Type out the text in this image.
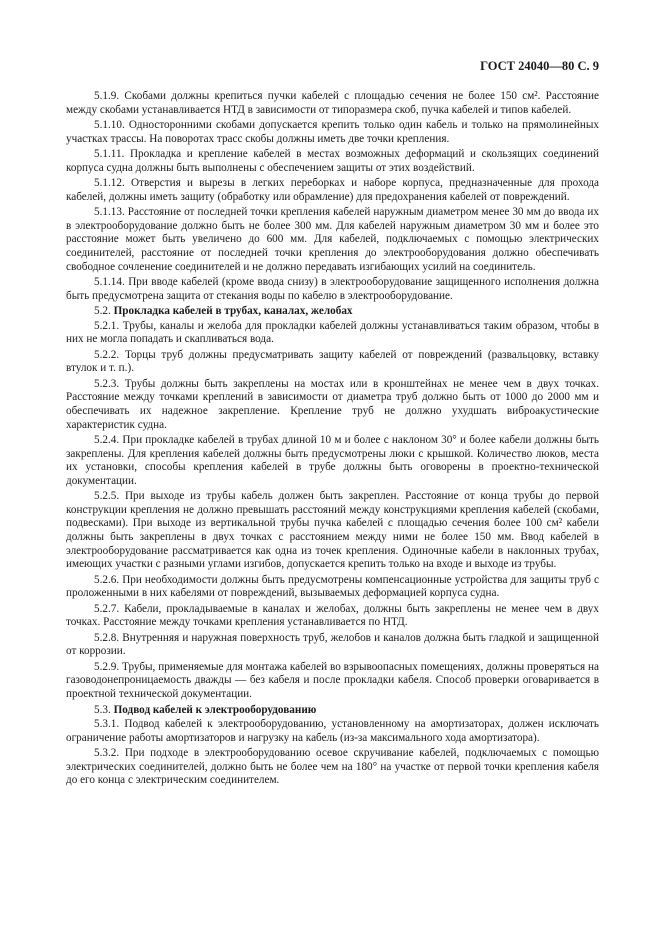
ГОСТ 24040—80 С. 9
5.1.9. Скобами должны крепиться пучки кабелей с площадью сечения не более 150 см². Расстояние между скобами устанавливается НТД в зависимости от типоразмера скоб, пучка кабелей и типов кабелей.
5.1.10. Односторонними скобами допускается крепить только один кабель и только на прямолинейных участках трассы. На поворотах трасс скобы должны иметь две точки крепления.
5.1.11. Прокладка и крепление кабелей в местах возможных деформаций и скользящих соединений корпуса судна должны быть выполнены с обеспечением защиты от этих воздействий.
5.1.12. Отверстия и вырезы в легких переборках и наборе корпуса, предназначенные для прохода кабелей, должны иметь защиту (обработку или обрамление) для предохранения кабелей от повреждений.
5.1.13. Расстояние от последней точки крепления кабелей наружным диаметром менее 30 мм до ввода их в электрооборудование должно быть не более 300 мм. Для кабелей наружным диаметром 30 мм и более это расстояние может быть увеличено до 600 мм. Для кабелей, подключаемых с помощью электрических соединителей, расстояние от последней точки крепления до электрооборудования должно обеспечивать свободное сочленение соединителей и не должно передавать изгибающих усилий на соединитель.
5.1.14. При вводе кабелей (кроме ввода снизу) в электрооборудование защищенного исполнения должна быть предусмотрена защита от стекания воды по кабелю в электрооборудование.
5.2. Прокладка кабелей в трубах, каналах, желобах
5.2.1. Трубы, каналы и желоба для прокладки кабелей должны устанавливаться таким образом, чтобы в них не могла попадать и скапливаться вода.
5.2.2. Торцы труб должны предусматривать защиту кабелей от повреждений (развальцовку, вставку втулок и т. п.).
5.2.3. Трубы должны быть закреплены на мостах или в кронштейнах не менее чем в двух точках. Расстояние между точками креплений в зависимости от диаметра труб должно быть от 1000 до 2000 мм и обеспечивать их надежное закрепление. Крепление труб не должно ухудшать виброакустические характеристик судна.
5.2.4. При прокладке кабелей в трубах длиной 10 м и более с наклоном 30° и более кабели должны быть закреплены. Для крепления кабелей должны быть предусмотрены люки с крышкой. Количество люков, места их установки, способы крепления кабелей в трубе должны быть оговорены в проектно-технической документации.
5.2.5. При выходе из трубы кабель должен быть закреплен. Расстояние от конца трубы до первой конструкции крепления не должно превышать расстояний между конструкциями крепления кабелей (скобами, подвесками). При выходе из вертикальной трубы пучка кабелей с площадью сечения более 100 см² кабели должны быть закреплены в двух точках с расстоянием между ними не более 150 мм. Ввод кабелей в электрооборудование рассматривается как одна из точек крепления. Одиночные кабели в наклонных трубах, имеющих участки с разными углами изгибов, допускается крепить только на входе и выходе из трубы.
5.2.6. При необходимости должны быть предусмотрены компенсационные устройства для защиты труб с проложенными в них кабелями от повреждений, вызываемых деформацией корпуса судна.
5.2.7. Кабели, прокладываемые в каналах и желобах, должны быть закреплены не менее чем в двух точках. Расстояние между точками крепления устанавливается по НТД.
5.2.8. Внутренняя и наружная поверхность труб, желобов и каналов должна быть гладкой и защищенной от коррозии.
5.2.9. Трубы, применяемые для монтажа кабелей во взрывоопасных помещениях, должны проверяться на газоводонепроницаемость дважды — без кабеля и после прокладки кабеля. Способ проверки оговаривается в проектной технической документации.
5.3. Подвод кабелей к электрооборудованию
5.3.1. Подвод кабелей к электрооборудованию, установленному на амортизаторах, должен исключать ограничение работы амортизаторов и нагрузку на кабель (из-за максимального хода амортизатора).
5.3.2. При подходе в электрооборудованию осевое скручивание кабелей, подключаемых с помощью электрических соединителей, должно быть не более чем на 180° на участке от первой точки крепления кабеля до его конца с электрическим соединителем.
